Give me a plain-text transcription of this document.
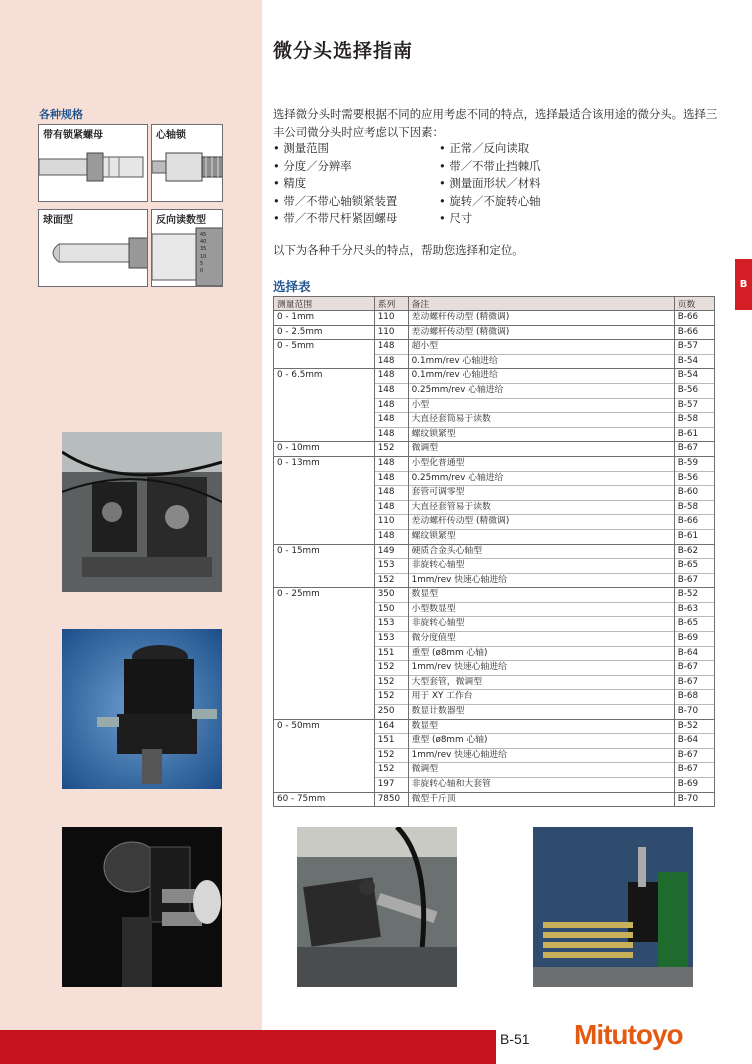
微分头选择指南
各种规格
带有锁紧螺母	心轴锁
球面型	反向读数型
45
40
35
10
5
0
选择微分头时需要根据不同的应用考虑不同的特点，选择最适合该用途的微分头。选择三丰公司微分头时应考虑以下因素：
• 测量范围
• 分度／分辨率
• 精度
• 带／不带心轴锁紧装置
• 带／不带尺杆紧固螺母
• 正常／反向读取
• 带／不带止挡棘爪
• 测量面形状／材料
• 旋转／不旋转心轴
• 尺寸
以下为各种千分尺头的特点，帮助您选择和定位。
B
选择表
测量范围	系列	备注	页数
0 - 1mm	110	差动螺杆传动型 (精微调)	B-66
0 - 2.5mm	110	差动螺杆传动型 (精微调)	B-66
0 - 5mm	148	超小型	B-57
	148	0.1mm/rev 心轴进给	B-54
0 - 6.5mm	148	0.1mm/rev 心轴进给	B-54
	148	0.25mm/rev 心轴进给	B-56
	148	小型	B-57
	148	大直径套筒易于读数	B-58
	148	螺纹锁紧型	B-61
0 - 10mm	152	微调型	B-67
0 - 13mm	148	小型化普通型	B-59
	148	0.25mm/rev 心轴进给	B-56
	148	套管可调零型	B-60
	148	大直径套管易于读数	B-58
	110	差动螺杆传动型 (精微调)	B-66
	148	螺纹锁紧型	B-61
0 - 15mm	149	硬质合金头心轴型	B-62
	153	非旋转心轴型	B-65
	152	1mm/rev 快速心轴进给	B-67
0 - 25mm	350	数显型	B-52
	150	小型数显型	B-63
	153	非旋转心轴型	B-65
	153	微分度值型	B-69
	151	重型 (ø8mm 心轴)	B-64
	152	1mm/rev 快速心轴进给	B-67
	152	大型套管，微调型	B-67
	152	用于 XY 工作台	B-68
	250	数显计数器型	B-70
0 - 50mm	164	数显型	B-52
	151	重型 (ø8mm 心轴)	B-64
	152	1mm/rev 快速心轴进给	B-67
	152	微调型	B-67
	197	非旋转心轴和大套管	B-69
60 - 75mm	7850	微型千斤顶	B-70
B-51 Mitutoyo
